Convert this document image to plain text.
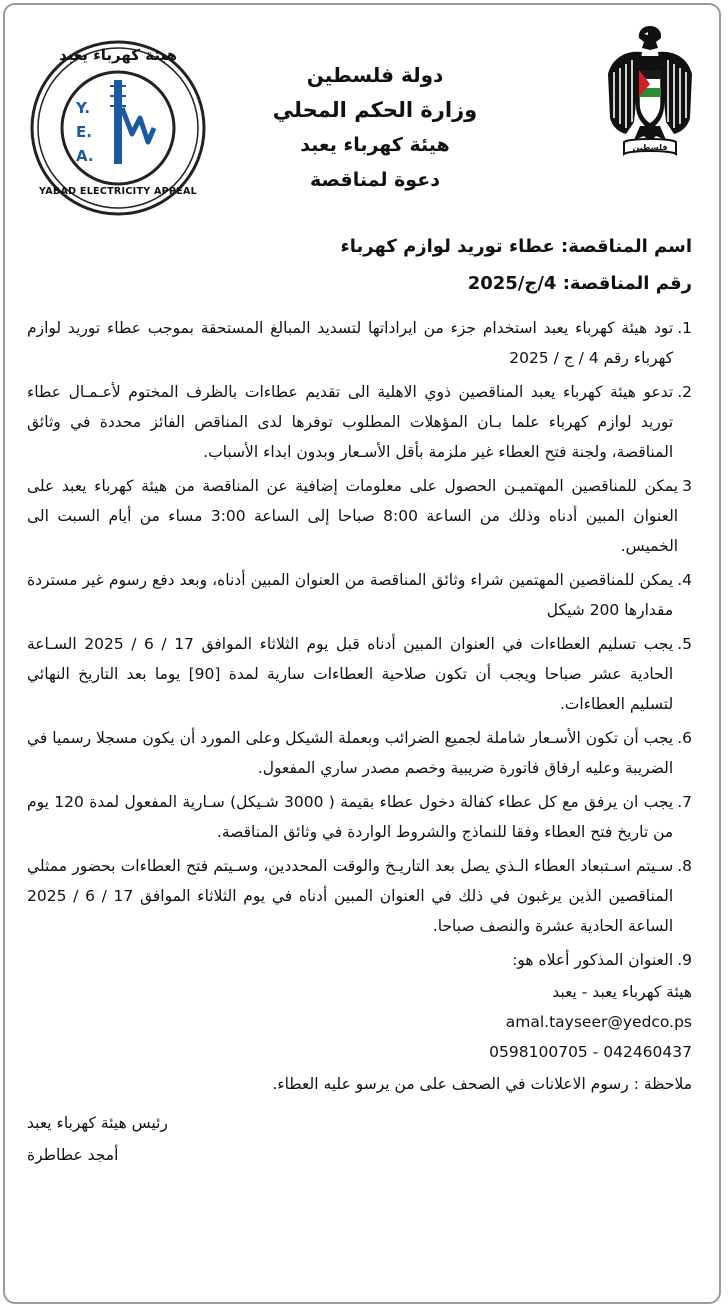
فلسطين
Y.
E.
A.
هيئة كهرباء يعبد
YABAD ELECTRICITY APPEAL
دولة فلسطين
وزارة الحكم المحلي
هيئة كهرباء يعبد
دعوة لمناقصة
اسم المناقصة: عطاء توريد لوازم كهرباء
رقم المناقصة: 4/ج/2025
1.
تود هيئة كهرباء يعبد استخدام جزء من ايراداتها لتسديد المبالغ المستحقة بموجب عطاء توريد لوازم كهرباء رقم 4 / ج / 2025
2.
تدعو هيئة كهرباء يعبد المناقصين ذوي الاهلية الى تقديم عطاءات بالظرف المختوم لأعـمـال عطاء توريد لوازم كهرباء علما بـان المؤهلات المطلوب توفرها لدى المناقص الفائز محددة في وثائق المناقصة، ولجنة فتح العطاء غير ملزمة بأقل الأسـعار وبدون ابداء الأسباب.
3
يمكن للمناقصين المهتميـن الحصول على معلومات إضافية عن المناقصة من هيئة كهرباء يعبد على العنوان المبين أدناه وذلك من الساعة 8:00 صباحا إلى الساعة 3:00 مساء من أيام السبت الى الخميس.
4.
يمكن للمناقصين المهتمين شراء وثائق المناقصة من العنوان المبين أدناه، وبعد دفع رسوم غير مستردة مقدارها 200 شيكل
5.
يجب تسليم العطاءات في العنوان المبين أدناه قبل يوم الثلاثاء الموافق 17 / 6 / 2025 السـاعة الحادية عشر صباحا ويجب أن تكون صلاحية العطاءات سارية لمدة [90] يوما بعد التاريخ النهائي لتسليم العطاءات.
6.
يجب أن تكون الأسـعار شاملة لجميع الضرائب وبعملة الشيكل وعلى المورد أن يكون مسجلا رسميا في الضريبة وعليه ارفاق فاتورة ضريبية وخصم مصدر ساري المفعول.
7.
يجب ان يرفق مع كل عطاء كفالة دخول عطاء بقيمة ( 3000 شـيكل) سـارية المفعول لمدة 120 يوم من تاريخ فتح العطاء وفقا للنماذج والشروط الواردة في وثائق المناقصة.
8.
سـيتم اسـتبعاد العطاء الـذي يصل بعد التاريـخ والوقت المحددين، وسـيتم فتح العطاءات بحضور ممثلي المناقصين الذين يرغبون في ذلك في العنوان المبين أدناه في يوم الثلاثاء الموافق 17 / 6 / 2025 الساعة الحادية عشرة والنصف صباحا.
9.
العنوان المذكور أعلاه هو:
هيئة كهرباء يعبد - يعبد
amal.tayseer@yedco.ps
0598100705 - 042460437
ملاحظة : رسوم الاعلانات في الصحف على من يرسو عليه العطاء.
رئيس هيئة كهرباء يعبد
أمجد عطاطرة
